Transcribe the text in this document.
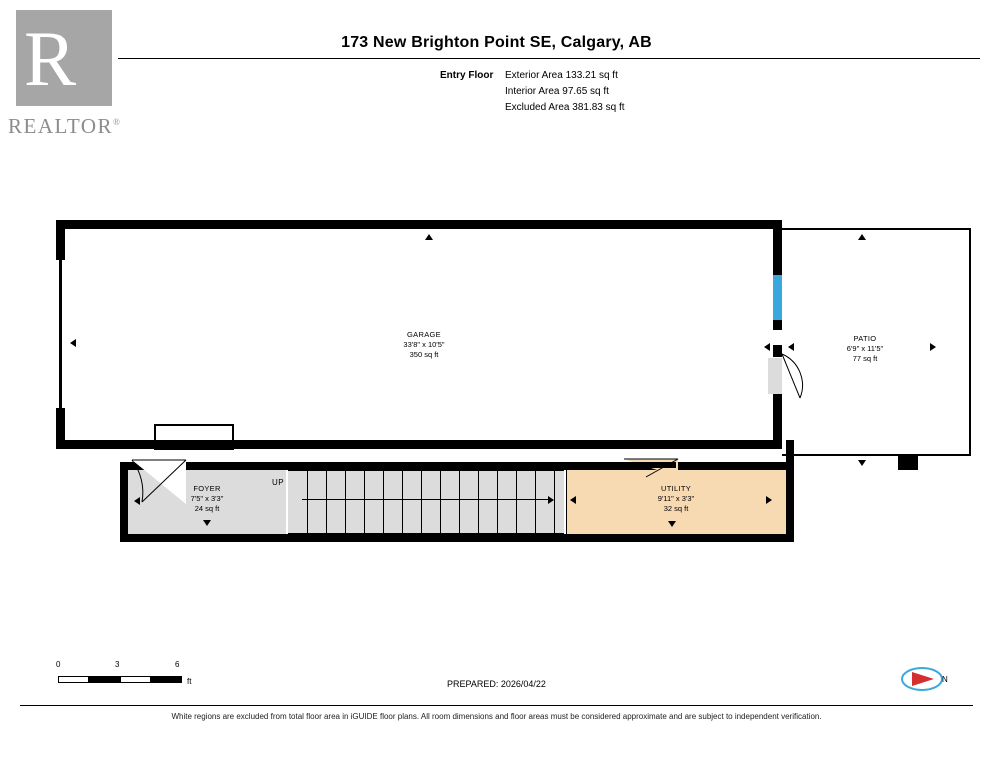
R
REALTOR®
173 New Brighton Point SE, Calgary, AB
Entry Floor Exterior Area 133.21 sq ft
Interior Area 97.65 sq ft
Excluded Area 381.83 sq ft
GARAGE
33'8" x 10'5"
350 sq ft
PATIO
6'9" x 11'5"
77 sq ft
FOYER
7'5" x 3'3"
24 sq ft
UP
UTILITY
9'11" x 3'3"
32 sq ft
0	3	6
ft	PREPARED: 2026/04/22	N
White regions are excluded from total floor area in iGUIDE floor plans. All room dimensions and floor areas must be considered approximate and are subject to independent verification.
